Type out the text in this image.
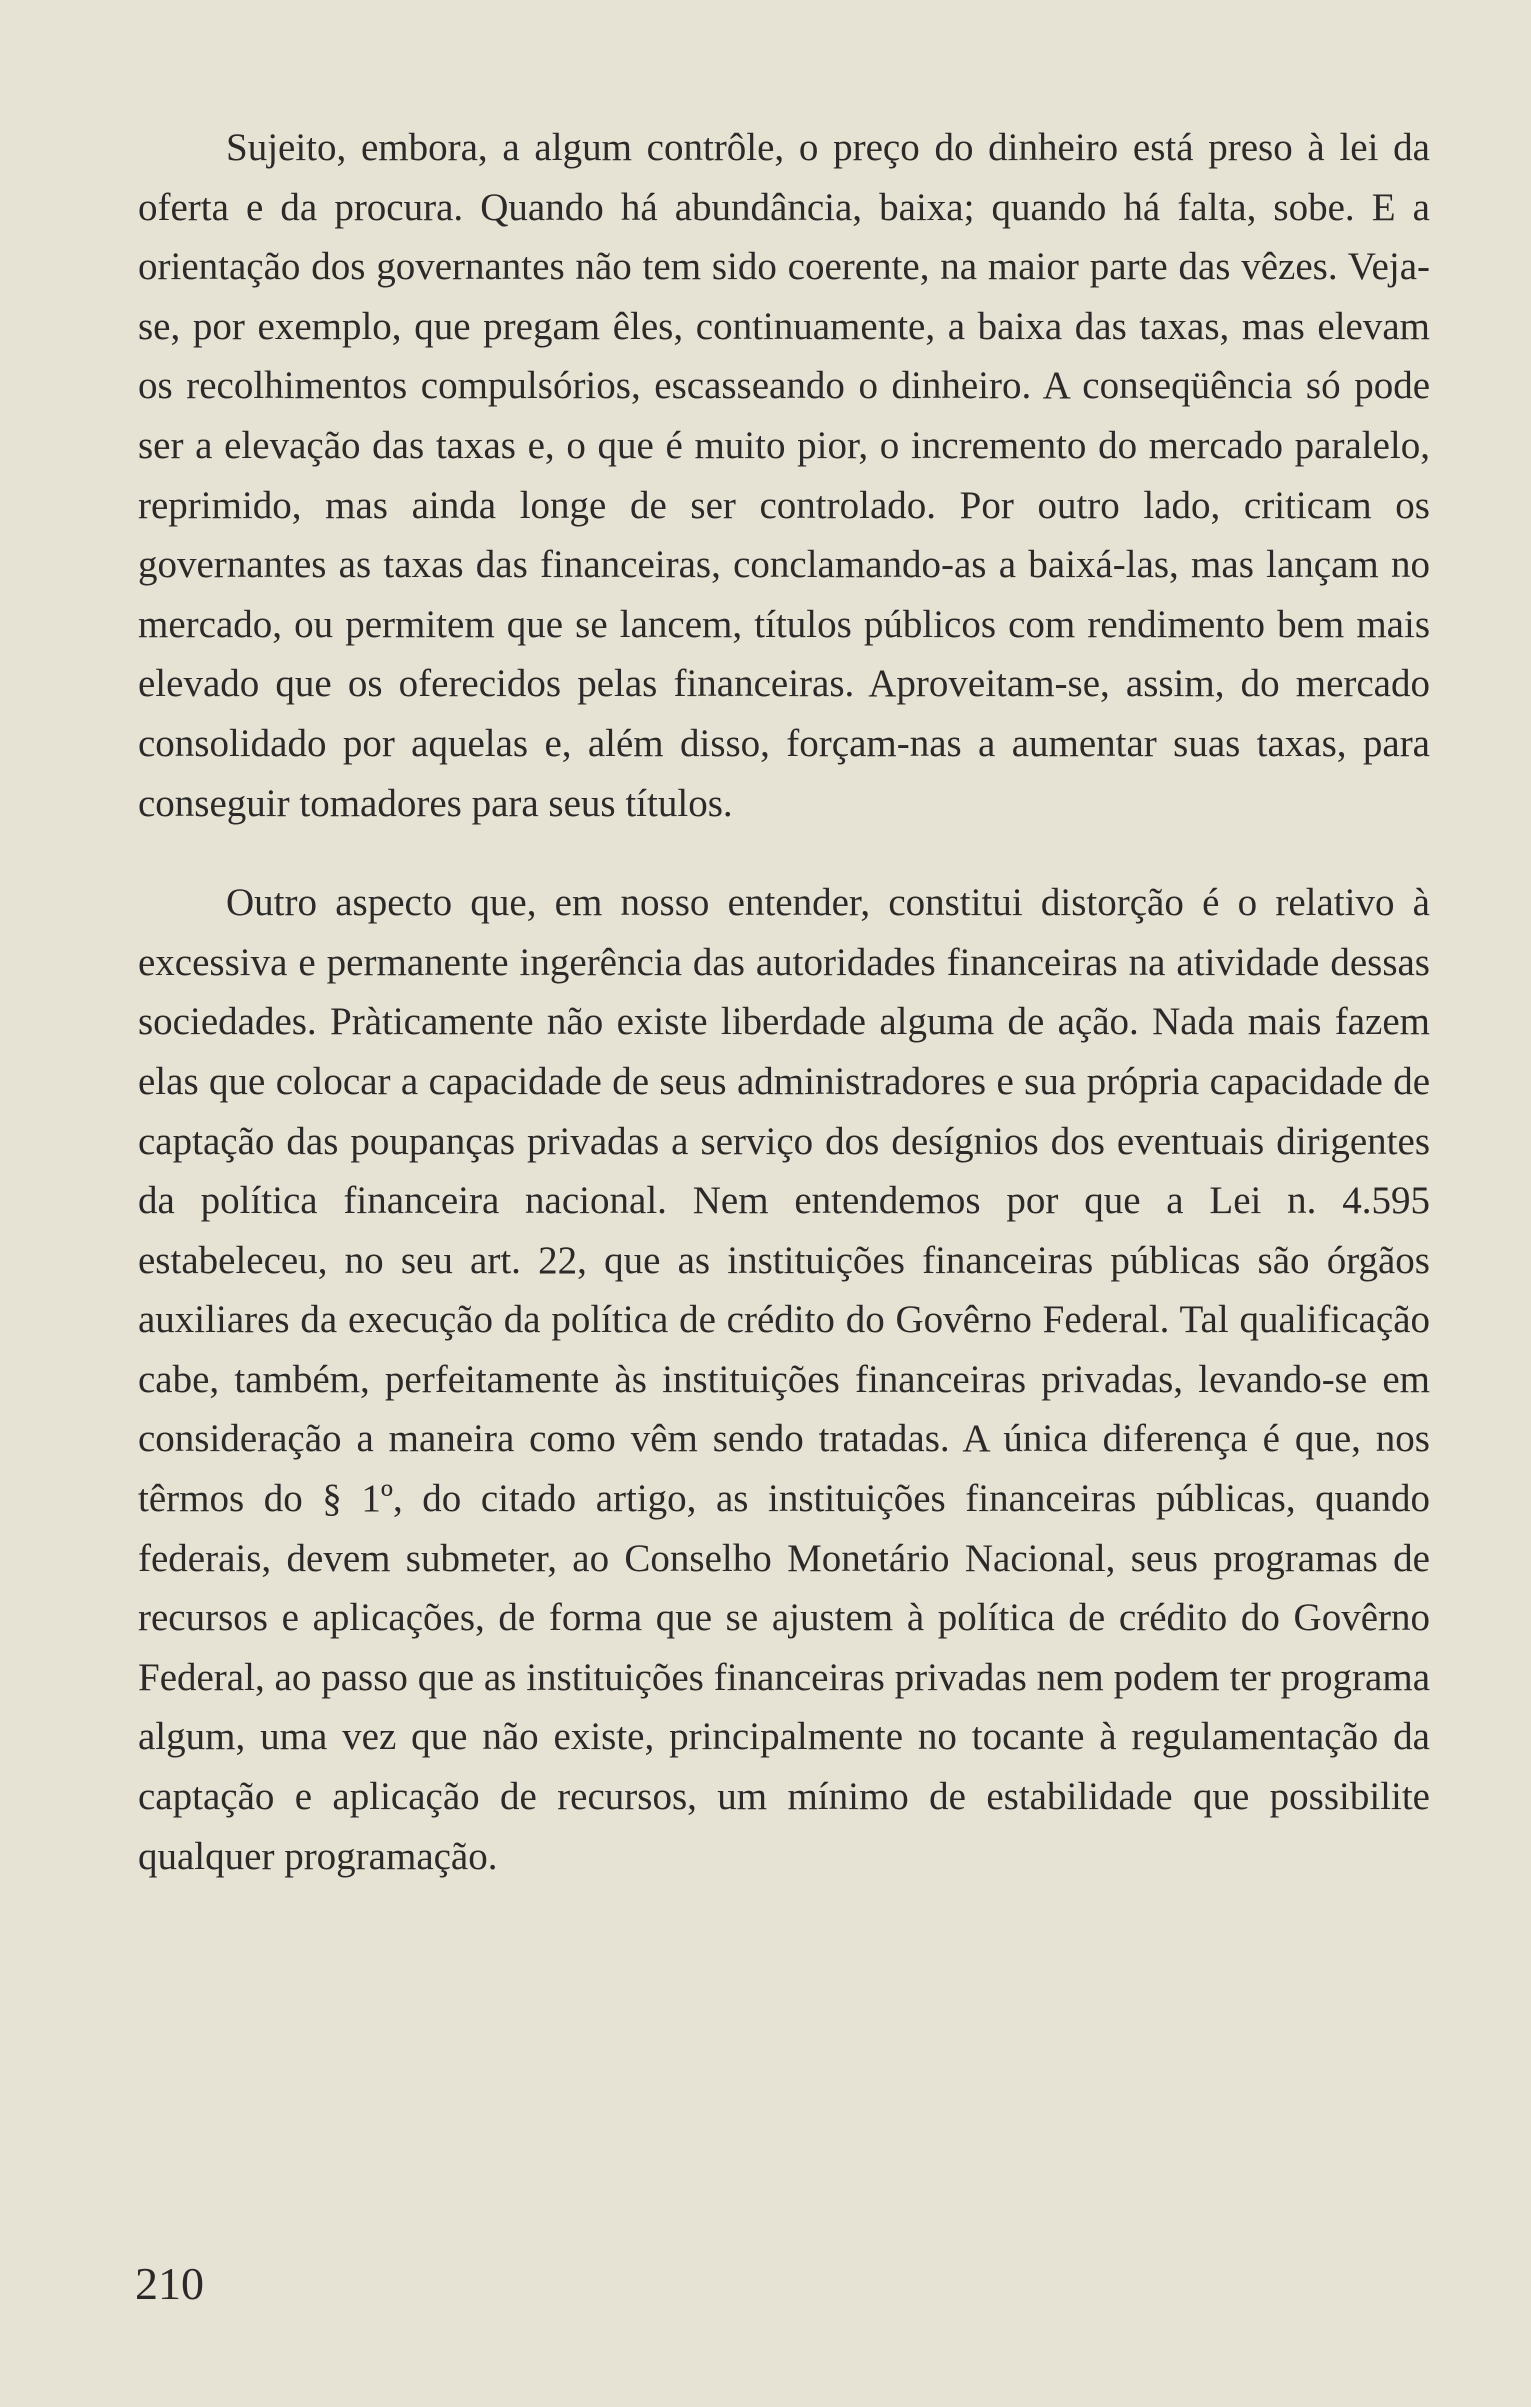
Sujeito, embora, a algum contrôle, o preço do dinheiro está preso à lei da oferta e da procura. Quando há abundância, baixa; quando há falta, sobe. E a orientação dos governantes não tem sido coerente, na maior parte das vêzes. Veja-se, por exemplo, que pregam êles, continuamente, a baixa das taxas, mas elevam os recolhimentos compulsórios, escasseando o dinheiro. A conseqüência só pode ser a elevação das taxas e, o que é muito pior, o incremento do mercado paralelo, reprimido, mas ainda longe de ser controlado. Por outro lado, criticam os governantes as taxas das financeiras, conclamando-as a baixá-las, mas lançam no mercado, ou permitem que se lancem, títulos públicos com rendimento bem mais elevado que os oferecidos pelas financeiras. Aproveitam-se, assim, do mercado consolidado por aquelas e, além disso, forçam-nas a aumentar suas taxas, para conseguir tomadores para seus títulos.

Outro aspecto que, em nosso entender, constitui distorção é o relativo à excessiva e permanente ingerência das autoridades financeiras na atividade dessas sociedades. Pràticamente não existe liberdade alguma de ação. Nada mais fazem elas que colocar a capacidade de seus administradores e sua própria capacidade de captação das poupanças privadas a serviço dos desígnios dos eventuais dirigentes da política financeira nacional. Nem entendemos por que a Lei n. 4.595 estabeleceu, no seu art. 22, que as instituições financeiras públicas são órgãos auxiliares da execução da política de crédito do Govêrno Federal. Tal qualificação cabe, também, perfeitamente às instituições financeiras privadas, levando-se em consideração a maneira como vêm sendo tratadas. A única diferença é que, nos têrmos do § 1º, do citado artigo, as instituições financeiras públicas, quando federais, devem submeter, ao Conselho Monetário Nacional, seus programas de recursos e aplicações, de forma que se ajustem à política de crédito do Govêrno Federal, ao passo que as instituições financeiras privadas nem podem ter programa algum, uma vez que não existe, principalmente no tocante à regulamentação da captação e aplicação de recursos, um mínimo de estabilidade que possibilite qualquer programação.

210
